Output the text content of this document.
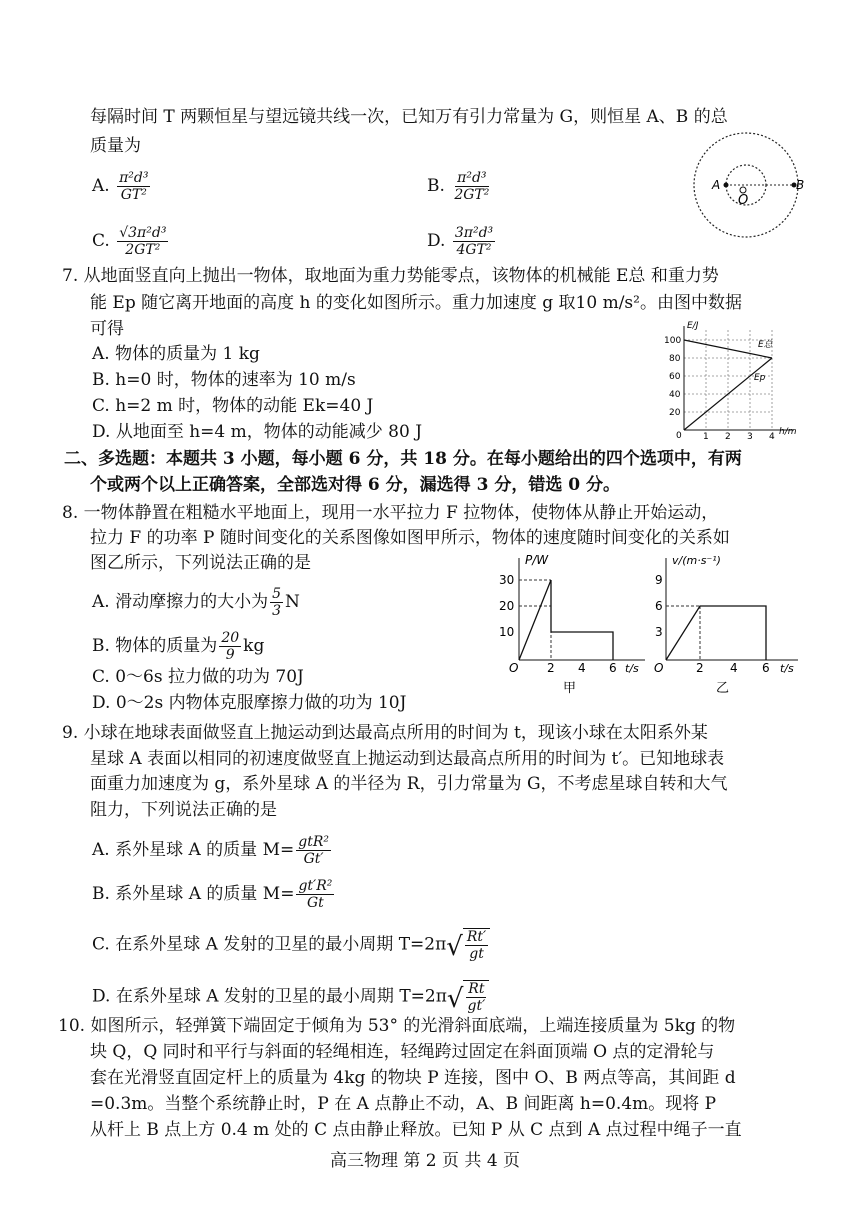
每隔时间 T 两颗恒星与望远镜共线一次，已知万有引力常量为 G，则恒星 A、B 的总
质量为
A. $\frac{\text{π²d³}}{\text{GT²}}$	B. $\frac{\text{π²d³}}{\text{2GT²}}$
C. $\frac{\text{√3π²d³}}{\text{2GT²}}$	D. $\frac{\text{3π²d³}}{\text{4GT²}}$
A	B
O
7. 从地面竖直向上抛出一物体，取地面为重力势能零点，该物体的机械能 E总 和重力势
能 Ep 随它离开地面的高度 h 的变化如图所示。重力加速度 g 取10 m/s²。由图中数据
可得
A. 物体的质量为 1 kg
B. h=0 时，物体的速率为 10 m/s
C. h=2 m 时，物体的动能 Ek=40 J
D. 从地面至 h=4 m，物体的动能减少 80 J
E/J
h/m
100
80
60
40
20
0 1 2 3 4
E总
Ep
二、多选题：本题共 3 小题，每小题 6 分，共 18 分。在每小题给出的四个选项中，有两
个或两个以上正确答案，全部选对得 6 分，漏选得 3 分，错选 0 分。
8. 一物体静置在粗糙水平地面上，现用一水平拉力 F 拉物体，使物体从静止开始运动，
拉力 F 的功率 P 随时间变化的关系图像如图甲所示，物体的速度随时间变化的关系如
图乙所示，下列说法正确的是
A. 滑动摩擦力的大小为 $\frac{5}{3}$ N
B. 物体的质量为 $\frac{20}{9}$ kg
C. 0～6s 拉力做的功为 70J
D. 0～2s 内物体克服摩擦力做的功为 10J
P/W
t/s
30
20
10
O 2 4 6
甲
v/(m·s⁻¹)
t/s
9
6
3
O	2 4 6
乙
9. 小球在地球表面做竖直上抛运动到达最高点所用的时间为 t，现该小球在太阳系外某
星球 A 表面以相同的初速度做竖直上抛运动到达最高点所用的时间为 t′。已知地球表
面重力加速度为 g，系外星球 A 的半径为 R，引力常量为 G，不考虑星球自转和大气
阻力，下列说法正确的是
A. 系外星球 A 的质量 $M= \frac{\text{gtR²}}{Gt'}$
B. 系外星球 A 的质量 $M= \frac{\text{gt′R²}}{Gt}$
C. 在系外星球 A 发射的卫星的最小周期 T=2π √ $\frac{Rt'}{gt}$
D. 在系外星球 A 发射的卫星的最小周期 T=2π √ $\frac{Rt}{gt'}$
10. 如图所示，轻弹簧下端固定于倾角为 53° 的光滑斜面底端，上端连接质量为 5kg 的物
块 Q，Q 同时和平行与斜面的轻绳相连，轻绳跨过固定在斜面顶端 O 点的定滑轮与
套在光滑竖直固定杆上的质量为 4kg 的物块 P 连接，图中 O、B 两点等高，其间距 d
=0.3m。当整个系统静止时，P 在 A 点静止不动，A、B 间距离 h=0.4m。现将 P
从杆上 B 点上方 0.4 m 处的 C 点由静止释放。已知 P 从 C 点到 A 点过程中绳子一直
高三物理 第 2 页 共 4 页
